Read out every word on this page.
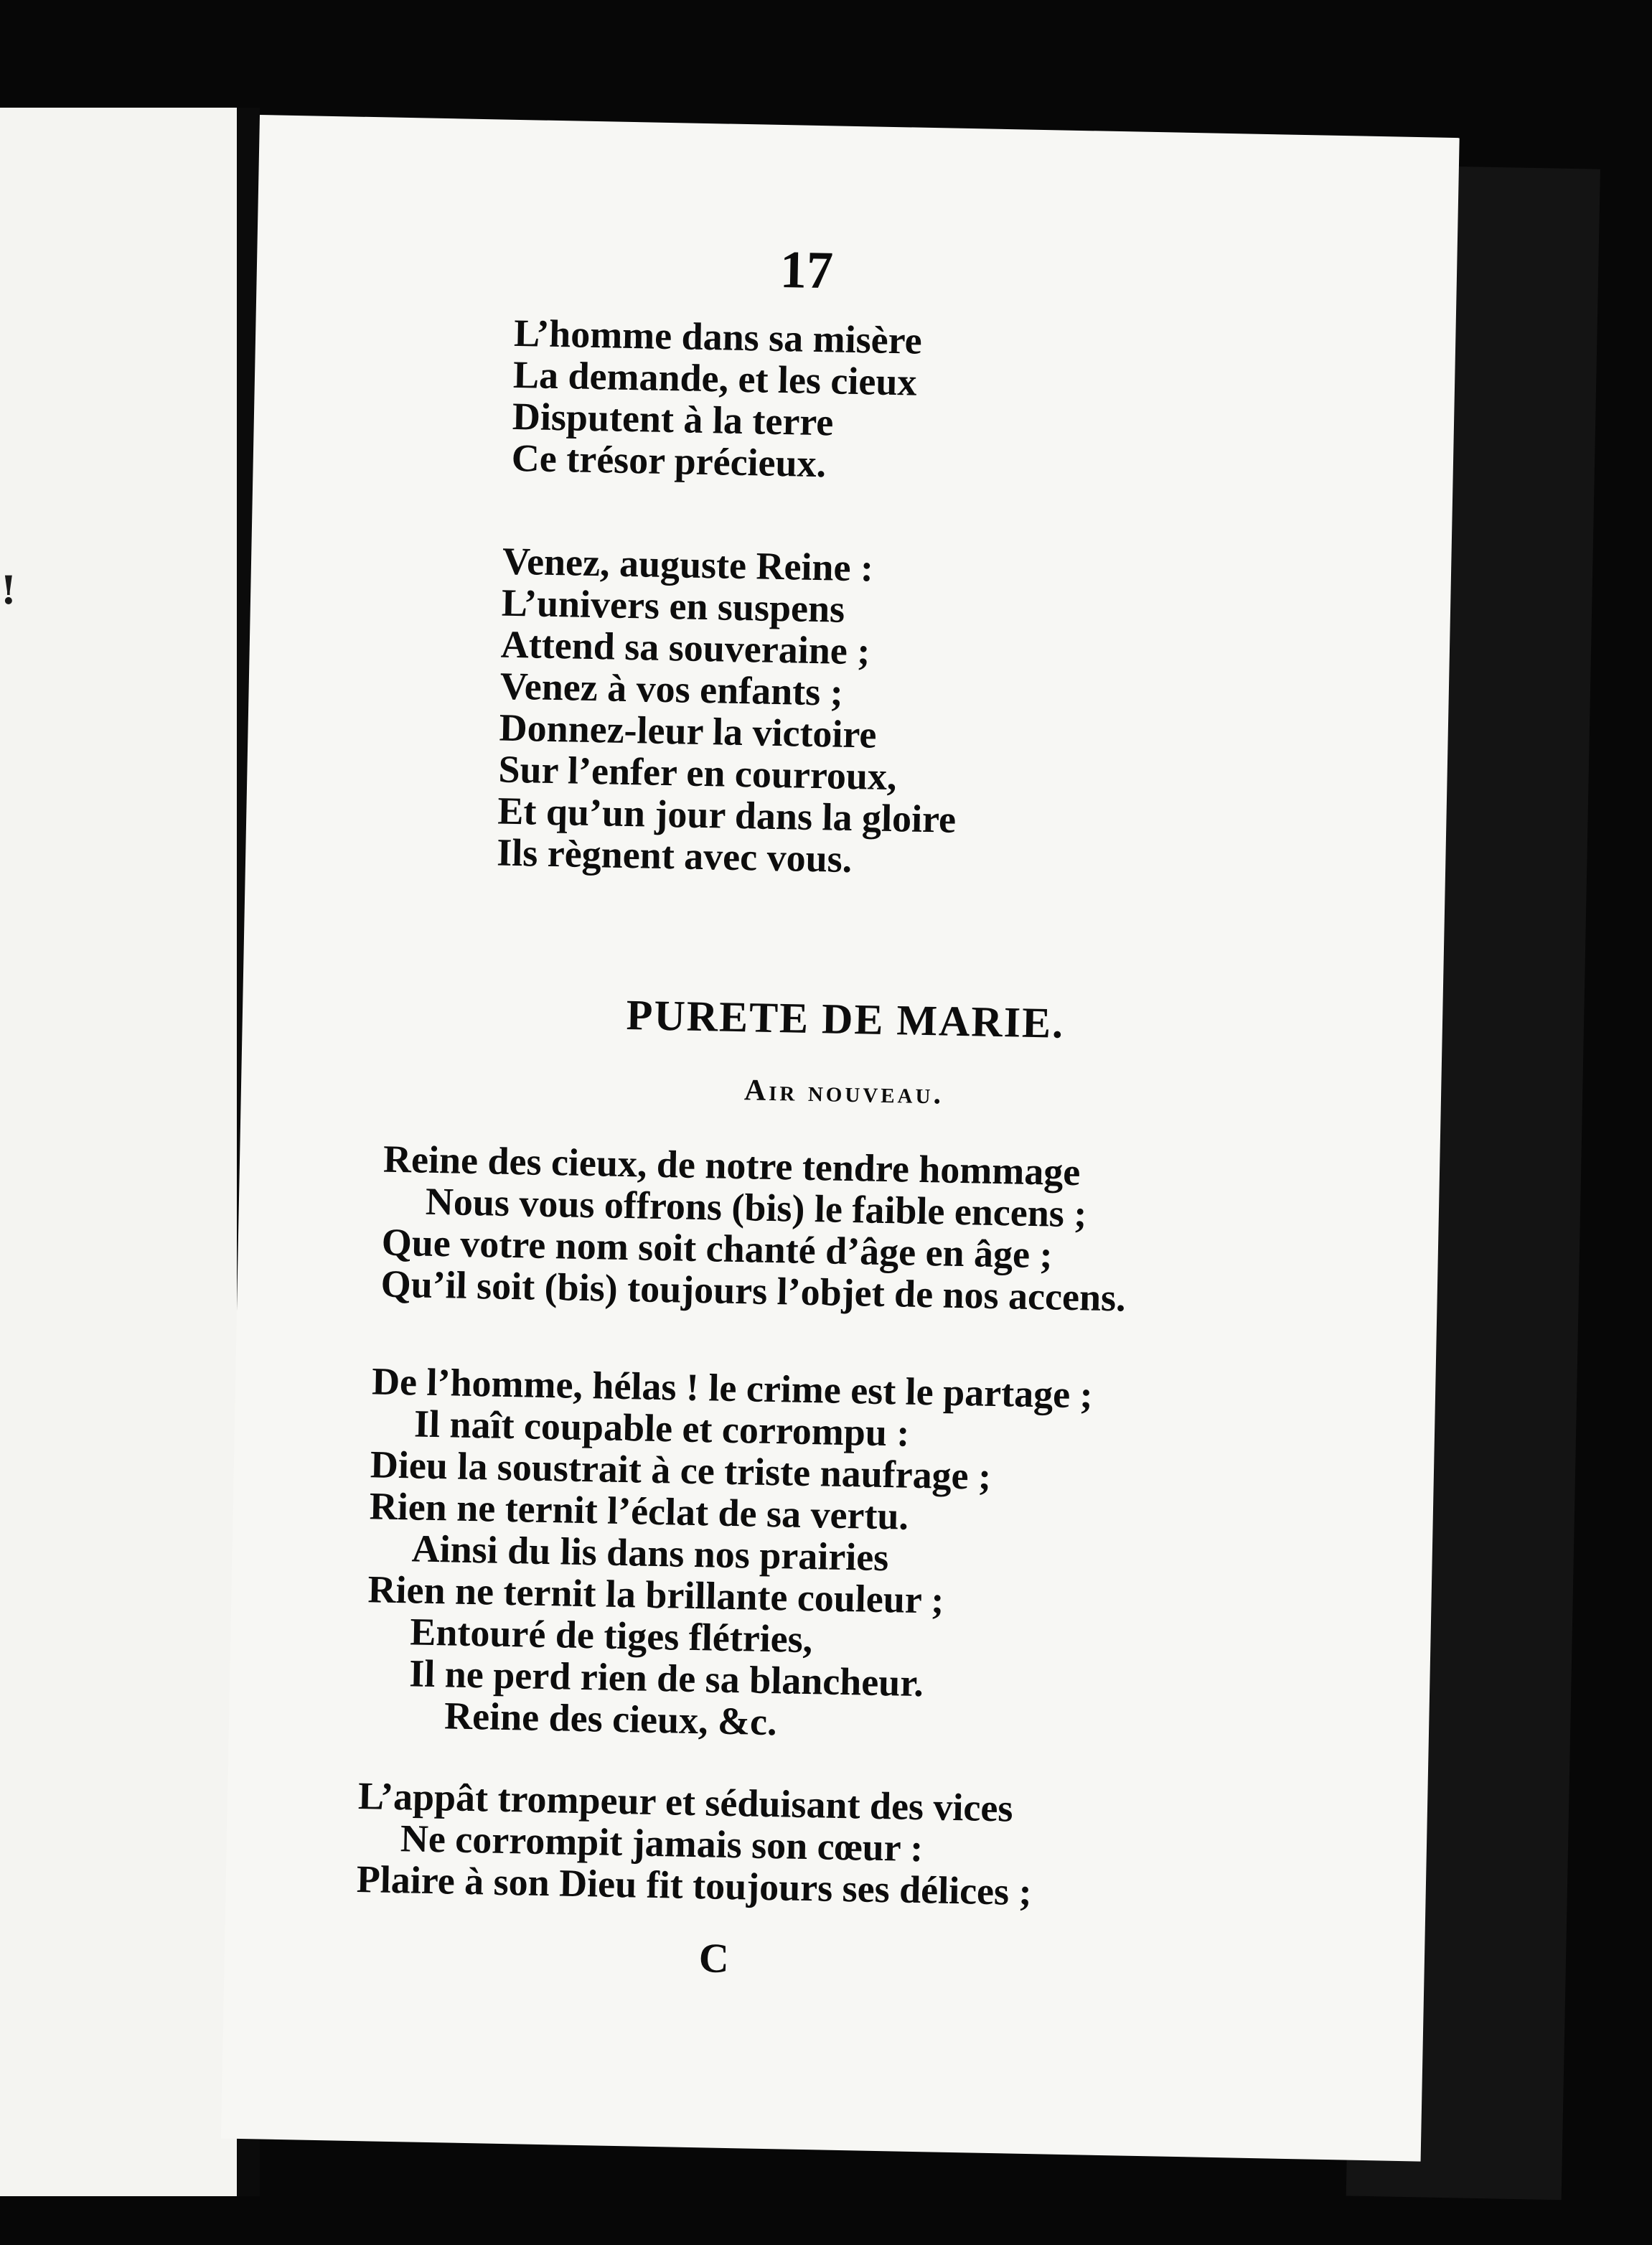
!
17
L’homme dans sa misère
La demande, et les cieux
Disputent à la terre
Ce trésor précieux.
Venez, auguste Reine :
L’univers en suspens
Attend sa souveraine ;
Venez à vos enfants ;
Donnez-leur la victoire
Sur l’enfer en courroux,
Et qu’un jour dans la gloire
Ils règnent avec vous.
PURETE DE MARIE.
Air nouveau.
Reine des cieux, de notre tendre hommage
Nous vous offrons (bis) le faible encens ;
Que votre nom soit chanté d’âge en âge ;
Qu’il soit (bis) toujours l’objet de nos accens.
De l’homme, hélas ! le crime est le partage ;
Il naît coupable et corrompu :
Dieu la soustrait à ce triste naufrage ;
Rien ne ternit l’éclat de sa vertu.
Ainsi du lis dans nos prairies
Rien ne ternit la brillante couleur ;
Entouré de tiges flétries,
Il ne perd rien de sa blancheur.
Reine des cieux, &c.
L’appât trompeur et séduisant des vices
Ne corrompit jamais son cœur :
Plaire à son Dieu fit toujours ses délices ;
C
